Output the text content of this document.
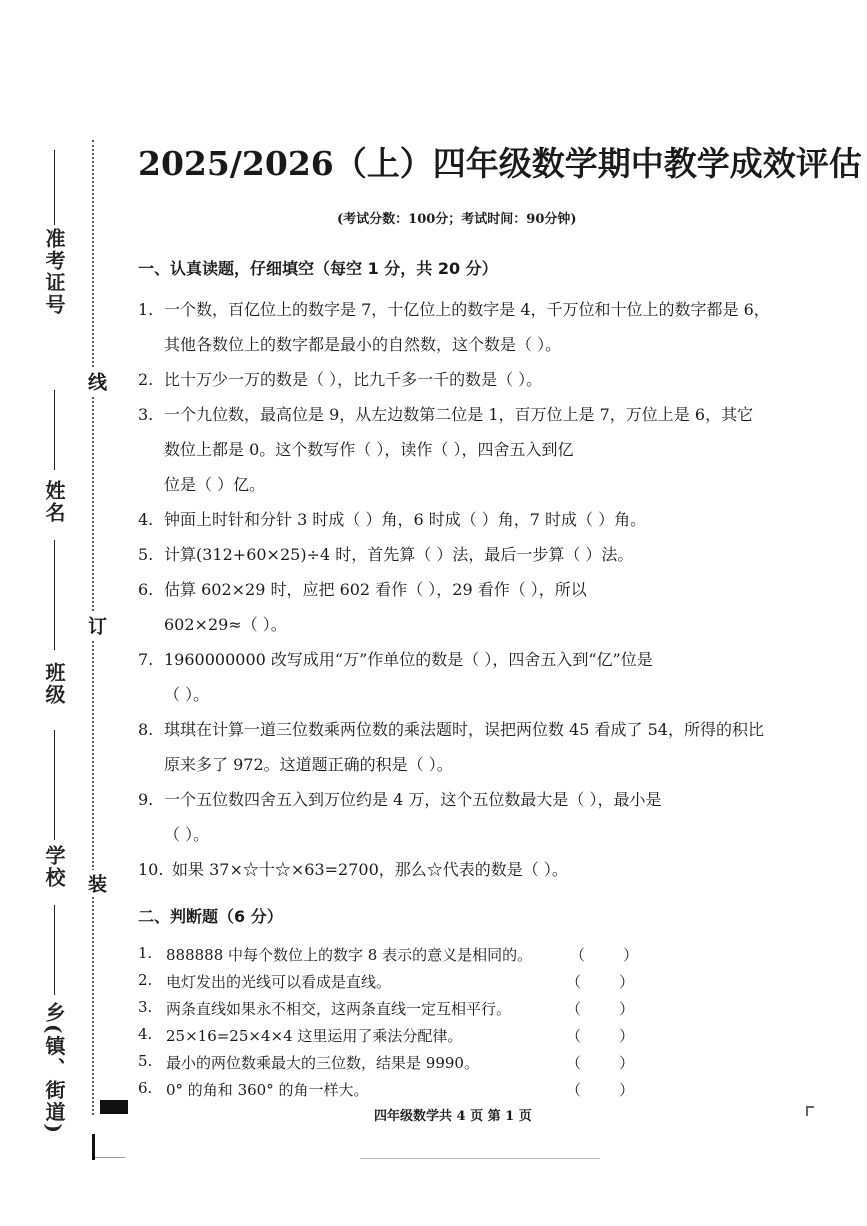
准考证号
姓名
班级
学校
乡(镇、街道)
线
订
装
2025/2026（上）四年级数学期中教学成效评估
(考试分数：100分；考试时间：90分钟)
一、认真读题，仔细填空（每空 1 分，共 20 分）
1. 一个数，百亿位上的数字是 7，十亿位上的数字是 4，千万位和十位上的数字都是 6，
其他各数位上的数字都是最小的自然数，这个数是（ ）。
2. 比十万少一万的数是（ ），比九千多一千的数是（ ）。
3. 一个九位数，最高位是 9，从左边数第二位是 1，百万位上是 7，万位上是 6，其它
数位上都是 0。这个数写作（ ），读作（ ），四舍五入到亿
位是（ ）亿。
4. 钟面上时针和分针 3 时成（ ）角，6 时成（ ）角，7 时成（ ）角。
5. 计算(312+60×25)÷4 时，首先算（ ）法，最后一步算（ ）法。
6. 估算 602×29 时，应把 602 看作（ ），29 看作（ ），所以
602×29≈（ ）。
7. 1960000000 改写成用“万”作单位的数是（ ），四舍五入到“亿”位是
（ ）。
8. 琪琪在计算一道三位数乘两位数的乘法题时，误把两位数 45 看成了 54，所得的积比
原来多了 972。这道题正确的积是（ ）。
9. 一个五位数四舍五入到万位约是 4 万，这个五位数最大是（ ），最小是
（ ）。
10. 如果 37×☆十☆×63=2700，那么☆代表的数是（ ）。
二、判断题（6 分）
1. 888888 中每个数位上的数字 8 表示的意义是相同的。	（        ）
2. 电灯发出的光线可以看成是直线。	（        ）
3. 两条直线如果永不相交，这两条直线一定互相平行。	（        ）
4. 25×16=25×4×4 这里运用了乘法分配律。	（        ）
5. 最小的两位数乘最大的三位数，结果是 9990。	（        ）
6. 0° 的角和 360° 的角一样大。	（        ）
四年级数学共 4 页 第 1 页
